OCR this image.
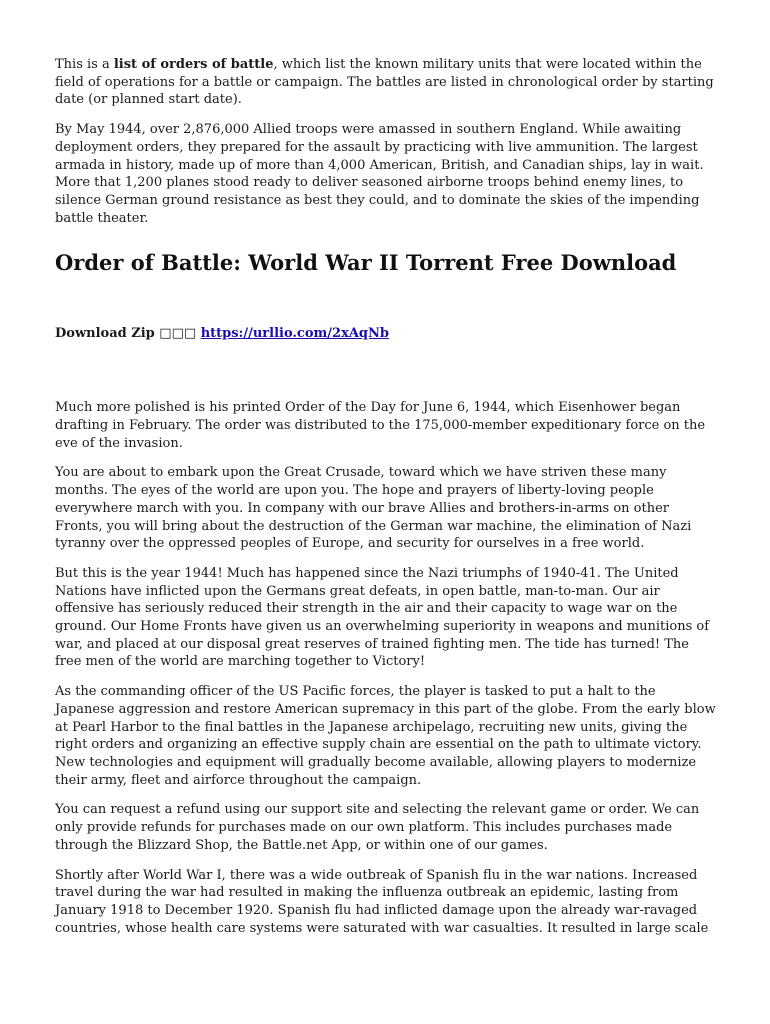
This is a list of orders of battle, which list the known military units that were located within the field of operations for a battle or campaign. The battles are listed in chronological order by starting date (or planned start date).

By May 1944, over 2,876,000 Allied troops were amassed in southern England. While awaiting deployment orders, they prepared for the assault by practicing with live ammunition. The largest armada in history, made up of more than 4,000 American, British, and Canadian ships, lay in wait. More that 1,200 planes stood ready to deliver seasoned airborne troops behind enemy lines, to silence German ground resistance as best they could, and to dominate the skies of the impending battle theater.

Order of Battle: World War II Torrent Free Download
Download Zip □□□ https://urllio.com/2xAqNb

Much more polished is his printed Order of the Day for June 6, 1944, which Eisenhower began drafting in February. The order was distributed to the 175,000-member expeditionary force on the eve of the invasion.

You are about to embark upon the Great Crusade, toward which we have striven these many months. The eyes of the world are upon you. The hope and prayers of liberty-loving people everywhere march with you. In company with our brave Allies and brothers-in-arms on other Fronts, you will bring about the destruction of the German war machine, the elimination of Nazi tyranny over the oppressed peoples of Europe, and security for ourselves in a free world.

But this is the year 1944! Much has happened since the Nazi triumphs of 1940-41. The United Nations have inflicted upon the Germans great defeats, in open battle, man-to-man. Our air offensive has seriously reduced their strength in the air and their capacity to wage war on the ground. Our Home Fronts have given us an overwhelming superiority in weapons and munitions of war, and placed at our disposal great reserves of trained fighting men. The tide has turned! The free men of the world are marching together to Victory!

As the commanding officer of the US Pacific forces, the player is tasked to put a halt to the Japanese aggression and restore American supremacy in this part of the globe. From the early blow at Pearl Harbor to the final battles in the Japanese archipelago, recruiting new units, giving the right orders and organizing an effective supply chain are essential on the path to ultimate victory. New technologies and equipment will gradually become available, allowing players to modernize their army, fleet and airforce throughout the campaign.

You can request a refund using our support site and selecting the relevant game or order. We can only provide refunds for purchases made on our own platform. This includes purchases made through the Blizzard Shop, the Battle.net App, or within one of our games.

Shortly after World War I, there was a wide outbreak of Spanish flu in the war nations. Increased travel during the war had resulted in making the influenza outbreak an epidemic, lasting from January 1918 to December 1920. Spanish flu had inflicted damage upon the already war-ravaged countries, whose health care systems were saturated with war casualties. It resulted in large scale
